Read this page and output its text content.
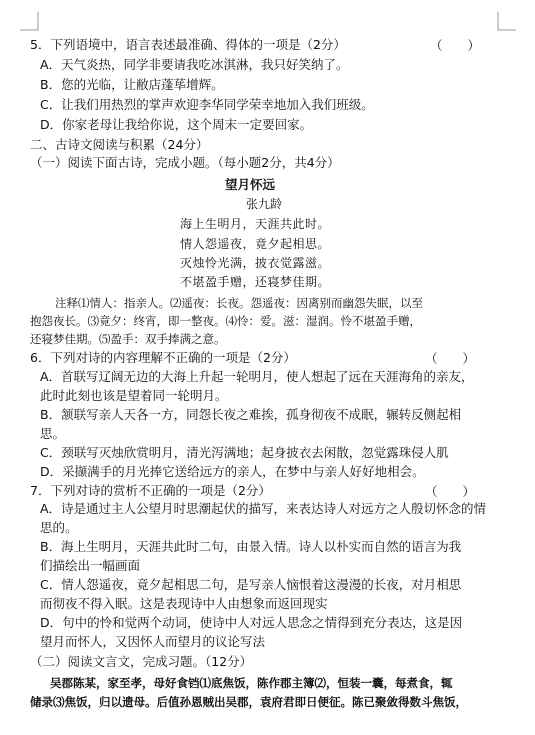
5．下列语境中，语言表述最准确、得体的一项是（2分）	（　　）
A．天气炎热，同学非要请我吃冰淇淋，我只好笑纳了。
B．您的光临，让敝店蓬荜增辉。
C．让我们用热烈的掌声欢迎李华同学荣幸地加入我们班级。
D．你家老母让我给你说，这个周末一定要回家。
二、古诗文阅读与积累（24分）
（一）阅读下面古诗，完成小题。（每小题2分，共4分）
望月怀远
张九龄
海上生明月，天涯共此时。
情人怨遥夜，竟夕起相思。
灭烛怜光满，披衣觉露滋。
不堪盈手赠，还寝梦佳期。
注释⑴情人：指亲人。⑵遥夜：长夜。怨遥夜：因离别而幽怨失眠，以至
抱怨夜长。⑶竟夕：终宵，即一整夜。⑷怜：爱。滋：湿润。怜不堪盈手赠，
还寝梦佳期。⑸盈手：双手捧满之意。
6．下列对诗的内容理解不正确的一项是（2分）	（　　）
A．首联写辽阔无边的大海上升起一轮明月，使人想起了远在天涯海角的亲友，
此时此刻也该是望着同一轮明月。
B．颔联写亲人天各一方，同怨长夜之难挨，孤身彻夜不成眠，辗转反侧起相
思。
C．颈联写灭烛欣赏明月，清光泻满地；起身披衣去闲散，忽觉露珠侵人肌
D．采撷满手的月光捧它送给远方的亲人，在梦中与亲人好好地相会。
7．下列对诗的赏析不正确的一项是（2分）	（　　）
A．诗是通过主人公望月时思潮起伏的描写，来表达诗人对远方之人殷切怀念的情
思的。
B．海上生明月，天涯共此时二句，由景入情。诗人以朴实而自然的语言为我
们描绘出一幅画面
C．情人怨遥夜，竟夕起相思二句，是写亲人恼恨着这漫漫的长夜，对月相思
而彻夜不得入眠。这是表现诗中人由想象而返回现实
D．句中的怜和觉两个动词，使诗中人对远人思念之情得到充分表达，这是因
望月而怀人，又因怀人而望月的议论写法
（二）阅读文言文，完成习题。（12分）
吴郡陈某，家至孝，母好食铛⑴底焦饭，陈作郡主簿⑵，恒装一囊，每煮食，辄
储录⑶焦饭，归以遗母。后值孙恩贼出吴郡，袁府君即日便征。陈已聚敛得数斗焦饭，
